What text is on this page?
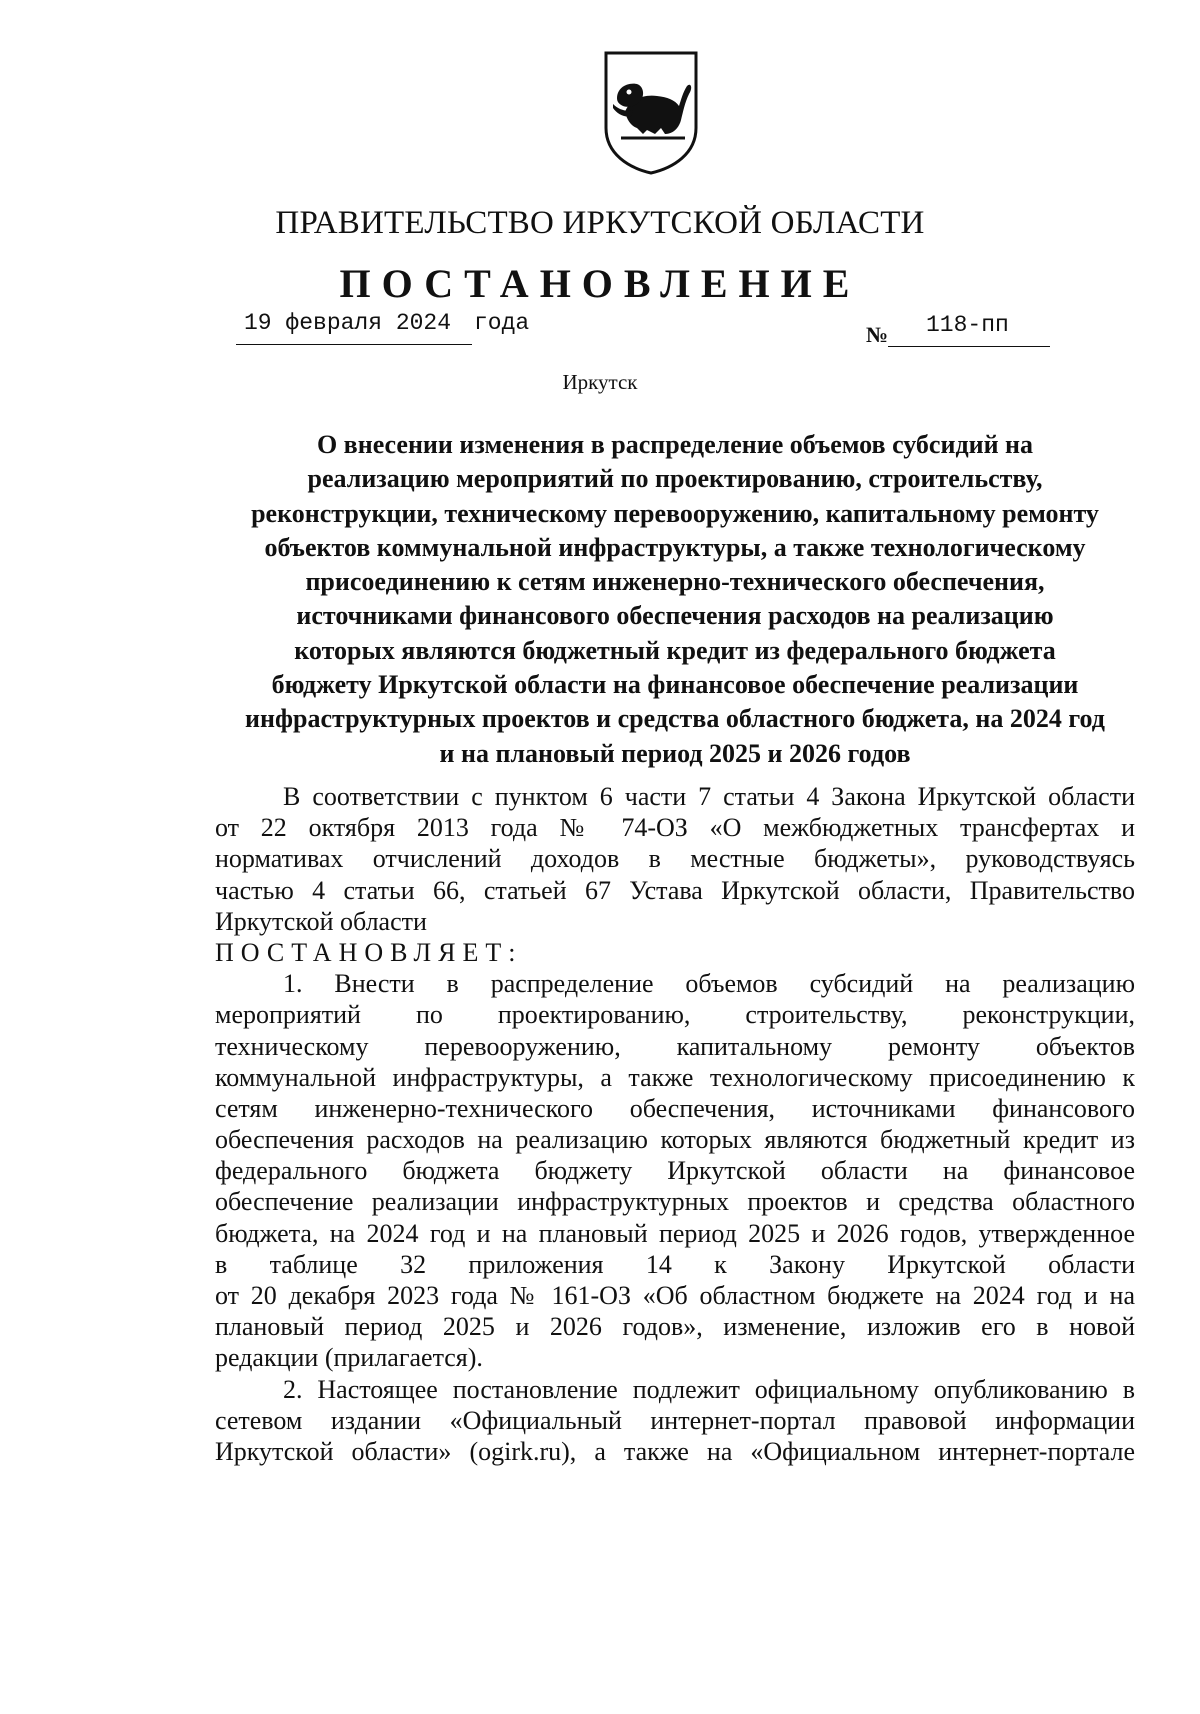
ПРАВИТЕЛЬСТВО ИРКУТСКОЙ ОБЛАСТИ
ПОСТАНОВЛЕНИЕ
19 февраля 2024 года	№ 118-пп
Иркутск
О внесении изменения в распределение объемов субсидий на
реализацию мероприятий по проектированию, строительству,
реконструкции, техническому перевооружению, капитальному ремонту
объектов коммунальной инфраструктуры, а также технологическому
присоединению к сетям инженерно-технического обеспечения,
источниками финансового обеспечения расходов на реализацию
которых являются бюджетный кредит из федерального бюджета
бюджету Иркутской области на финансовое обеспечение реализации
инфраструктурных проектов и средства областного бюджета, на 2024 год
и на плановый период 2025 и 2026 годов
В соответствии с пунктом 6 части 7 статьи 4 Закона Иркутской области
от 22 октября 2013 года № 74-ОЗ «О межбюджетных трансфертах и
нормативах отчислений доходов в местные бюджеты», руководствуясь
частью 4 статьи 66, статьей 67 Устава Иркутской области, Правительство
Иркутской области
ПОСТАНОВЛЯЕТ:
1. Внести в распределение объемов субсидий на реализацию
мероприятий по проектированию, строительству, реконструкции,
техническому перевооружению, капитальному ремонту объектов
коммунальной инфраструктуры, а также технологическому присоединению к
сетям инженерно-технического обеспечения, источниками финансового
обеспечения расходов на реализацию которых являются бюджетный кредит из
федерального бюджета бюджету Иркутской области на финансовое
обеспечение реализации инфраструктурных проектов и средства областного
бюджета, на 2024 год и на плановый период 2025 и 2026 годов, утвержденное
в таблице 32 приложения 14 к Закону Иркутской области
от 20 декабря 2023 года № 161-ОЗ «Об областном бюджете на 2024 год и на
плановый период 2025 и 2026 годов», изменение, изложив его в новой
редакции (прилагается).
2. Настоящее постановление подлежит официальному опубликованию в
сетевом издании «Официальный интернет-портал правовой информации
Иркутской области» (ogirk.ru), а также на «Официальном интернет-портале
